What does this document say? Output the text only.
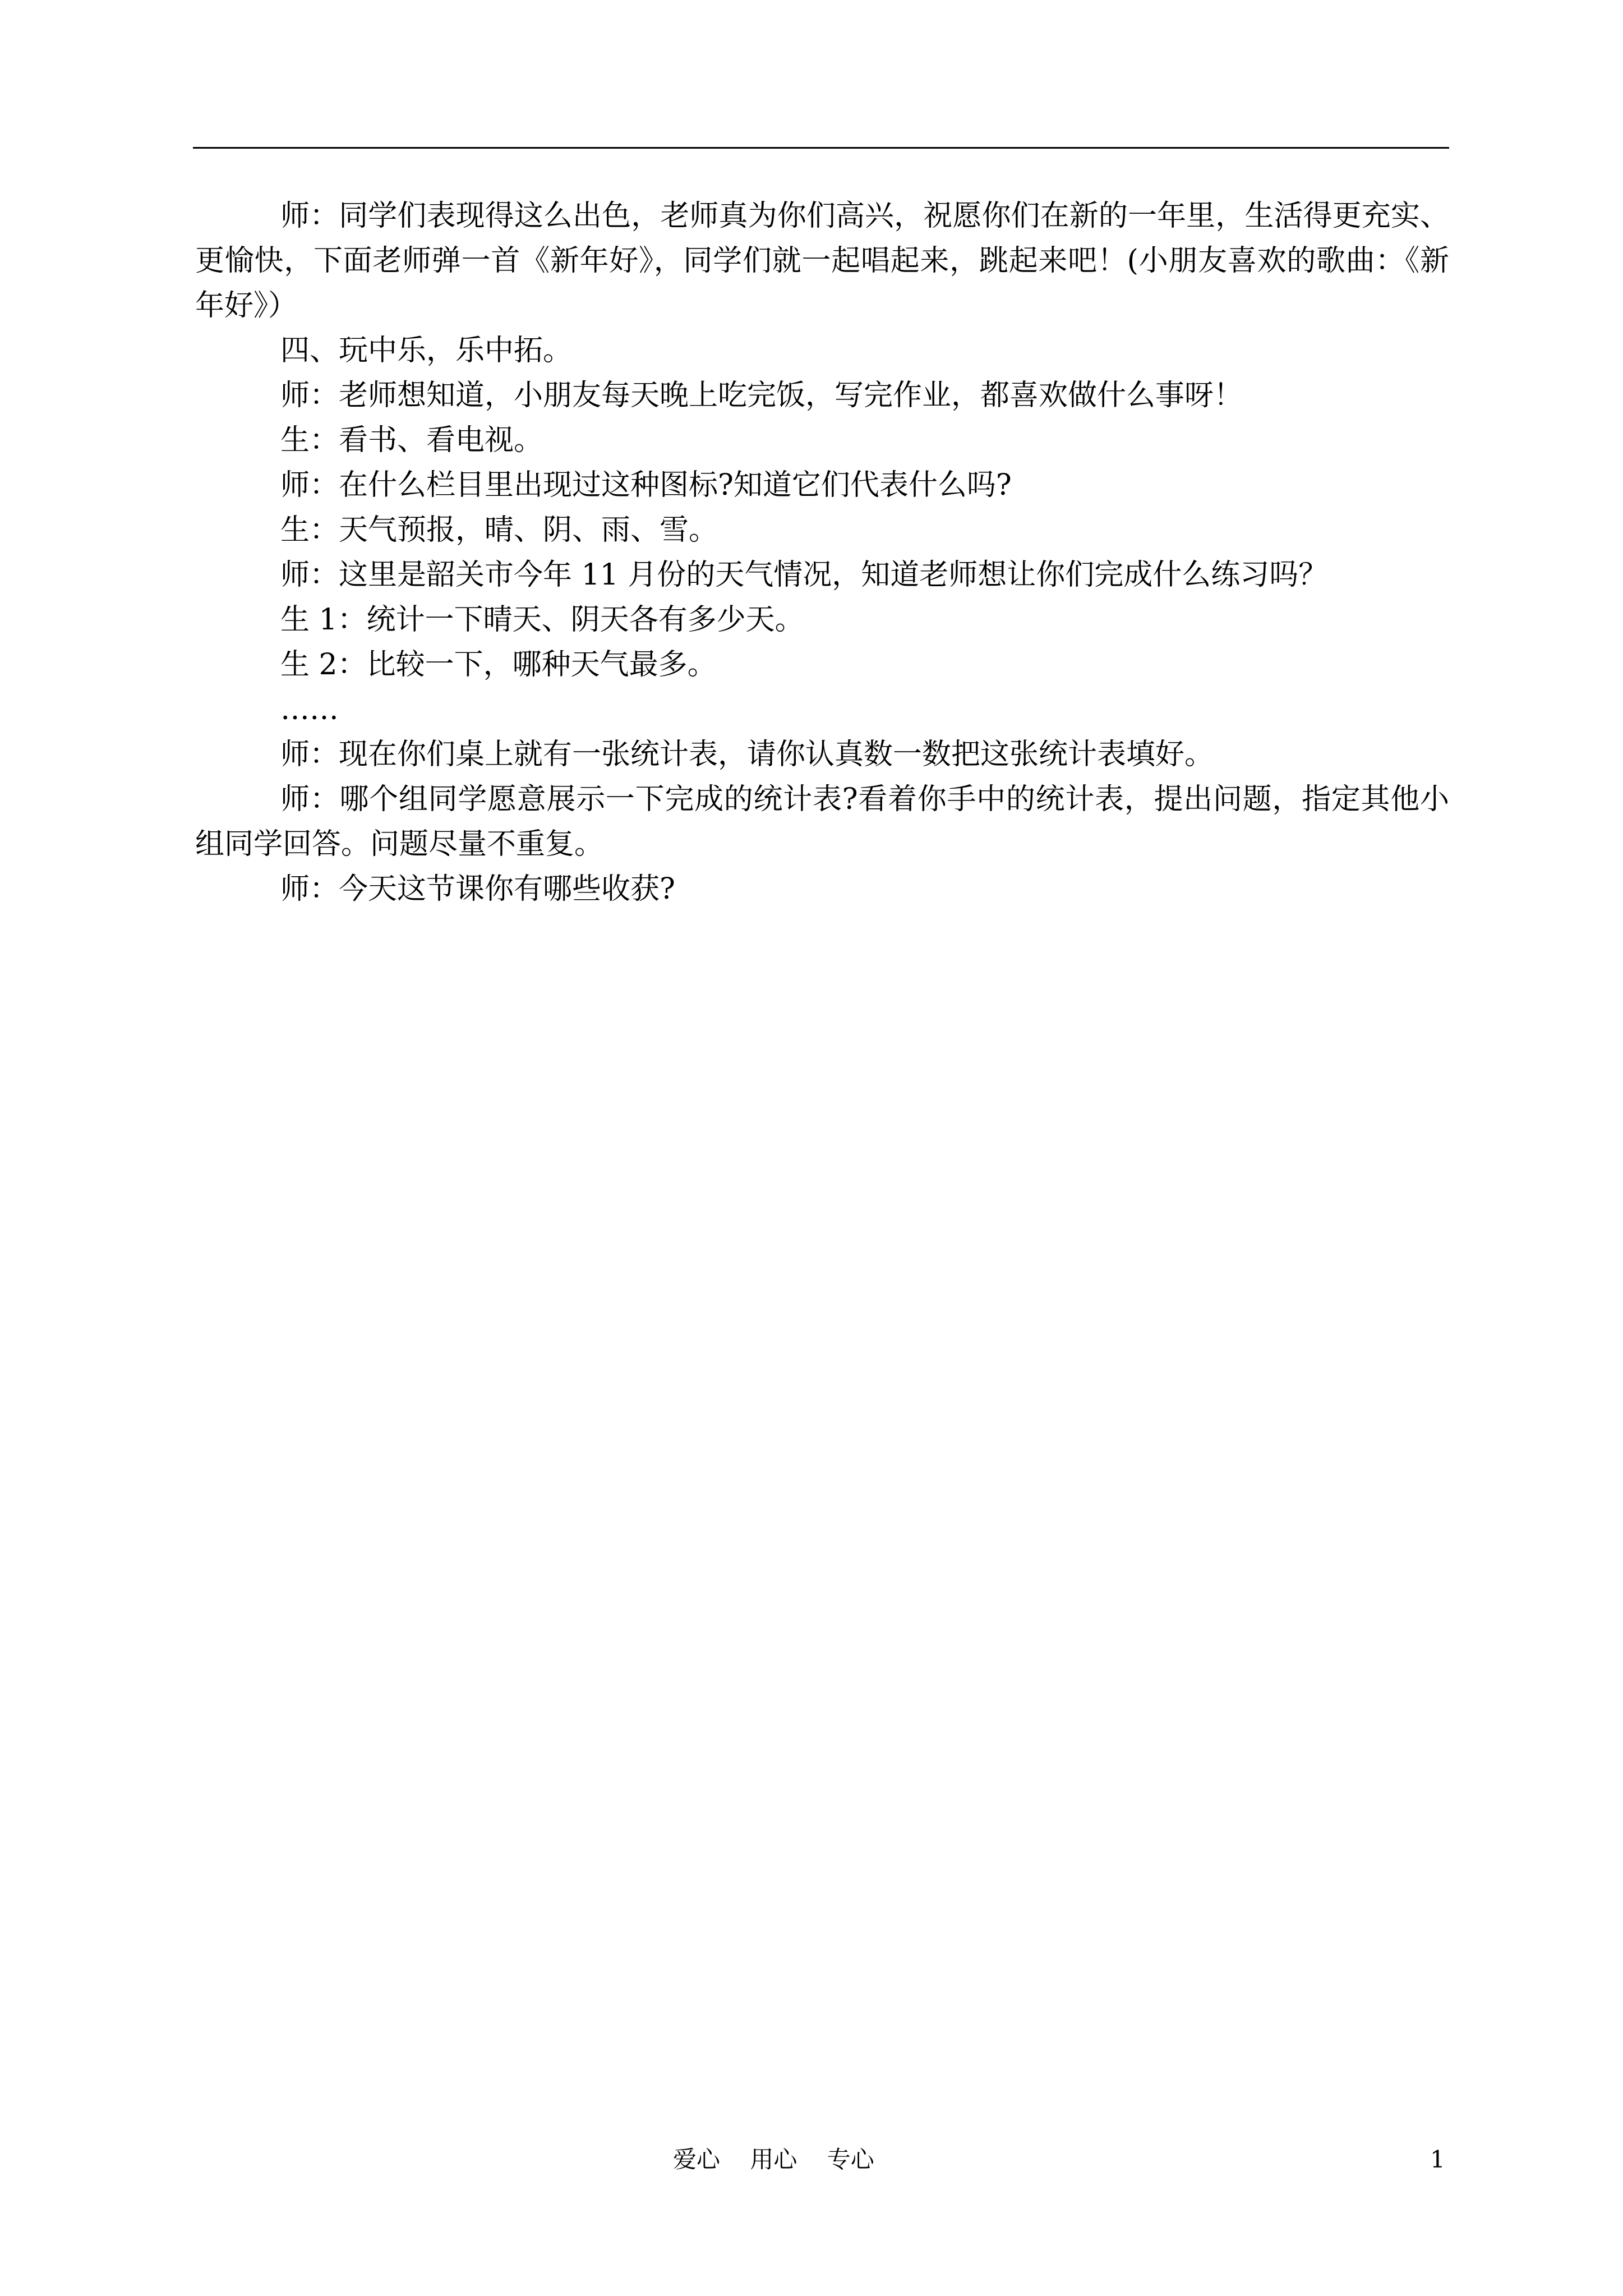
师：同学们表现得这么出色，老师真为你们高兴，祝愿你们在新的一年里，生活得更充实、更愉快，下面老师弹一首《新年好》，同学们就一起唱起来，跳起来吧！(小朋友喜欢的歌曲：《新年好》）

四、玩中乐，乐中拓。

师：老师想知道，小朋友每天晚上吃完饭，写完作业，都喜欢做什么事呀！

生：看书、看电视。

师：在什么栏目里出现过这种图标?知道它们代表什么吗?

生：天气预报，晴、阴、雨、雪。

师：这里是韶关市今年 11 月份的天气情况，知道老师想让你们完成什么练习吗？

生 1：统计一下晴天、阴天各有多少天。

生 2：比较一下，哪种天气最多。

……

师：现在你们桌上就有一张统计表，请你认真数一数把这张统计表填好。

师：哪个组同学愿意展示一下完成的统计表?看着你手中的统计表，提出问题，指定其他小组同学回答。问题尽量不重复。

师：今天这节课你有哪些收获?

爱心    用心    专心	1
